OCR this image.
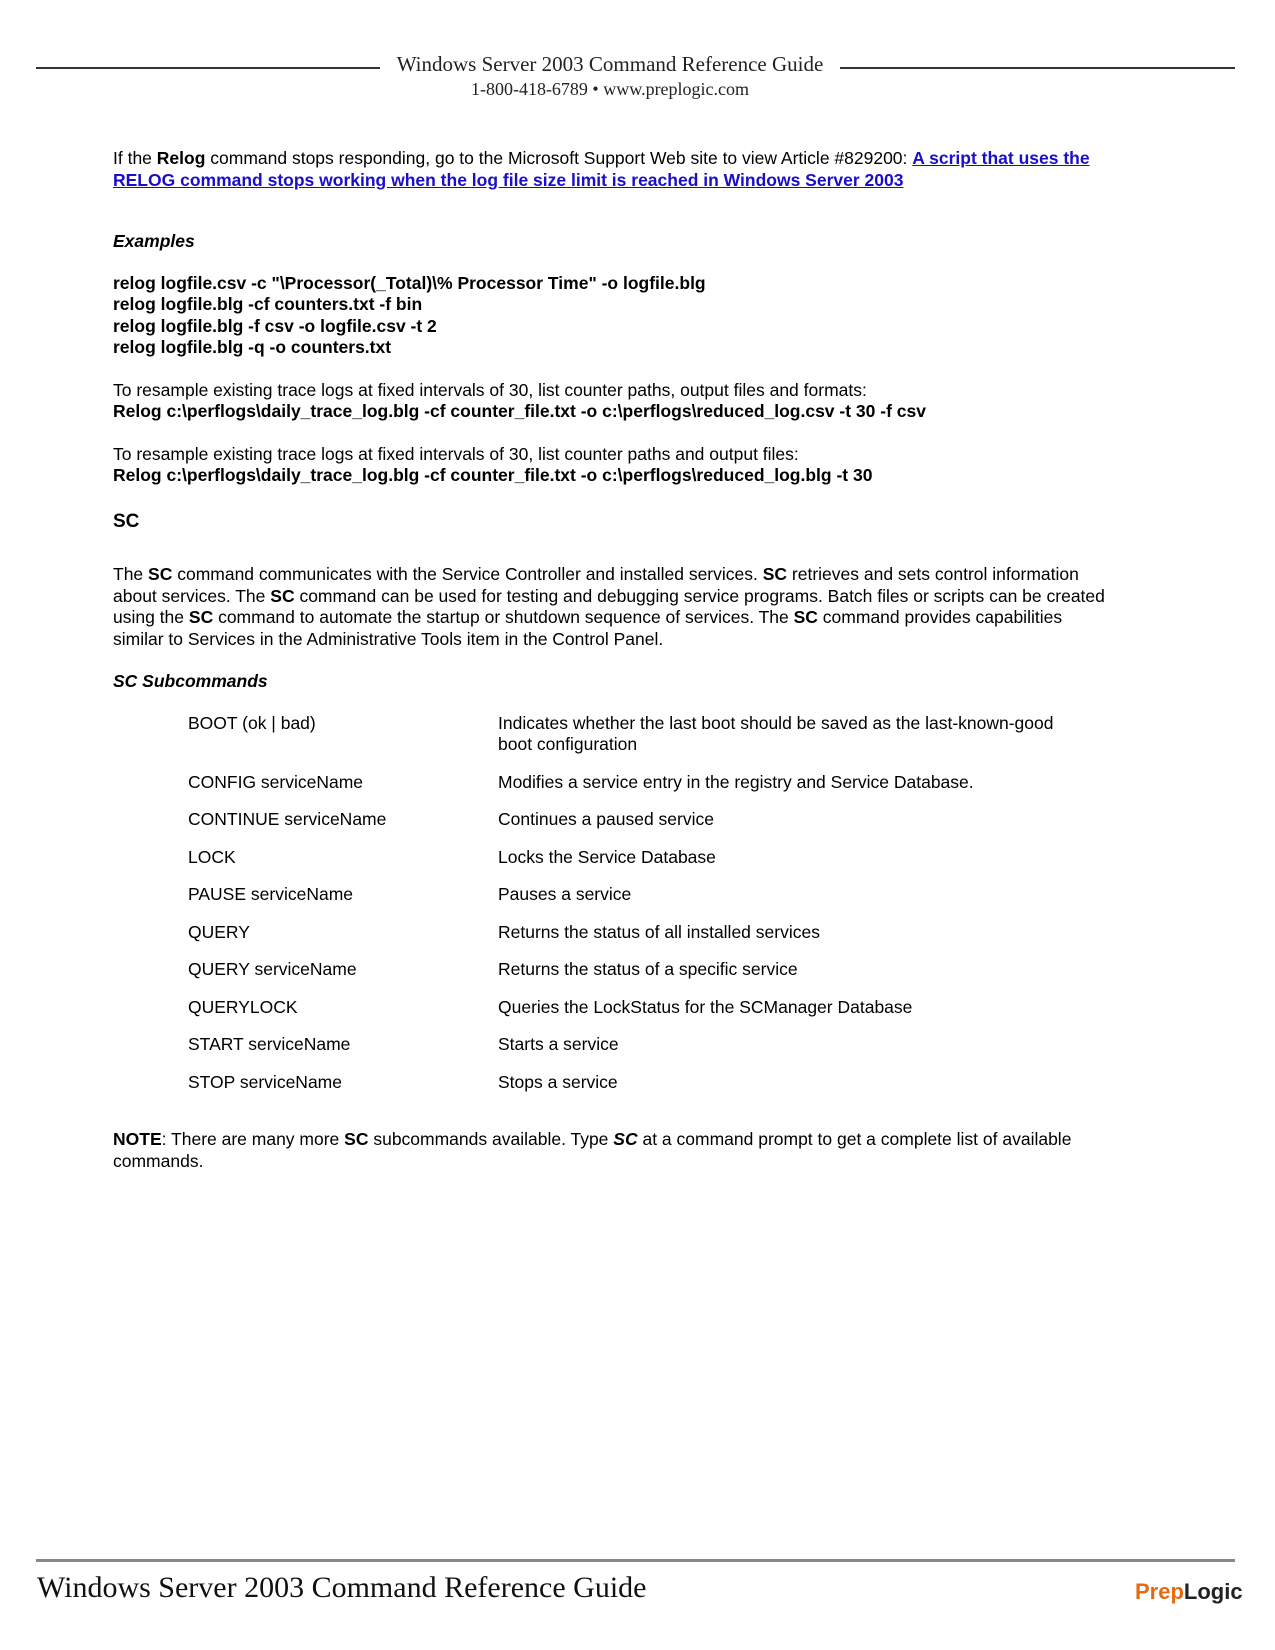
Windows Server 2003 Command Reference Guide
1-800-418-6789 • www.preplogic.com

If the Relog command stops responding, go to the Microsoft Support Web site to view Article #829200: A script that uses the RELOG command stops working when the log file size limit is reached in Windows Server 2003

Examples

relog logfile.csv -c "\Processor(_Total)\% Processor Time" -o logfile.blg

relog logfile.blg -cf counters.txt -f bin

relog logfile.blg -f csv -o logfile.csv -t 2

relog logfile.blg -q -o counters.txt

To resample existing trace logs at fixed intervals of 30, list counter paths, output files and formats:

Relog c:\perflogs\daily_trace_log.blg -cf counter_file.txt -o c:\perflogs\reduced_log.csv -t 30 -f csv

To resample existing trace logs at fixed intervals of 30, list counter paths and output files:

Relog c:\perflogs\daily_trace_log.blg -cf counter_file.txt -o c:\perflogs\reduced_log.blg -t 30

SC

The SC command communicates with the Service Controller and installed services. SC retrieves and sets control information about services. The SC command can be used for testing and debugging service programs. Batch files or scripts can be created using the SC command to automate the startup or shutdown sequence of services. The SC command provides capabilities similar to Services in the Administrative Tools item in the Control Panel.

SC Subcommands

BOOT (ok | bad)	Indicates whether the last boot should be saved as the last-known-good boot configuration
CONFIG serviceName	Modifies a service entry in the registry and Service Database.
CONTINUE serviceName	Continues a paused service
LOCK	Locks the Service Database
PAUSE serviceName	Pauses a service
QUERY	Returns the status of all installed services
QUERY serviceName	Returns the status of a specific service
QUERYLOCK	Queries the LockStatus for the SCManager Database
START serviceName	Starts a service
STOP serviceName	Stops a service

NOTE: There are many more SC subcommands available. Type SC at a command prompt to get a complete list of available commands.

Windows Server 2003 Command Reference Guide	PrepLogic
